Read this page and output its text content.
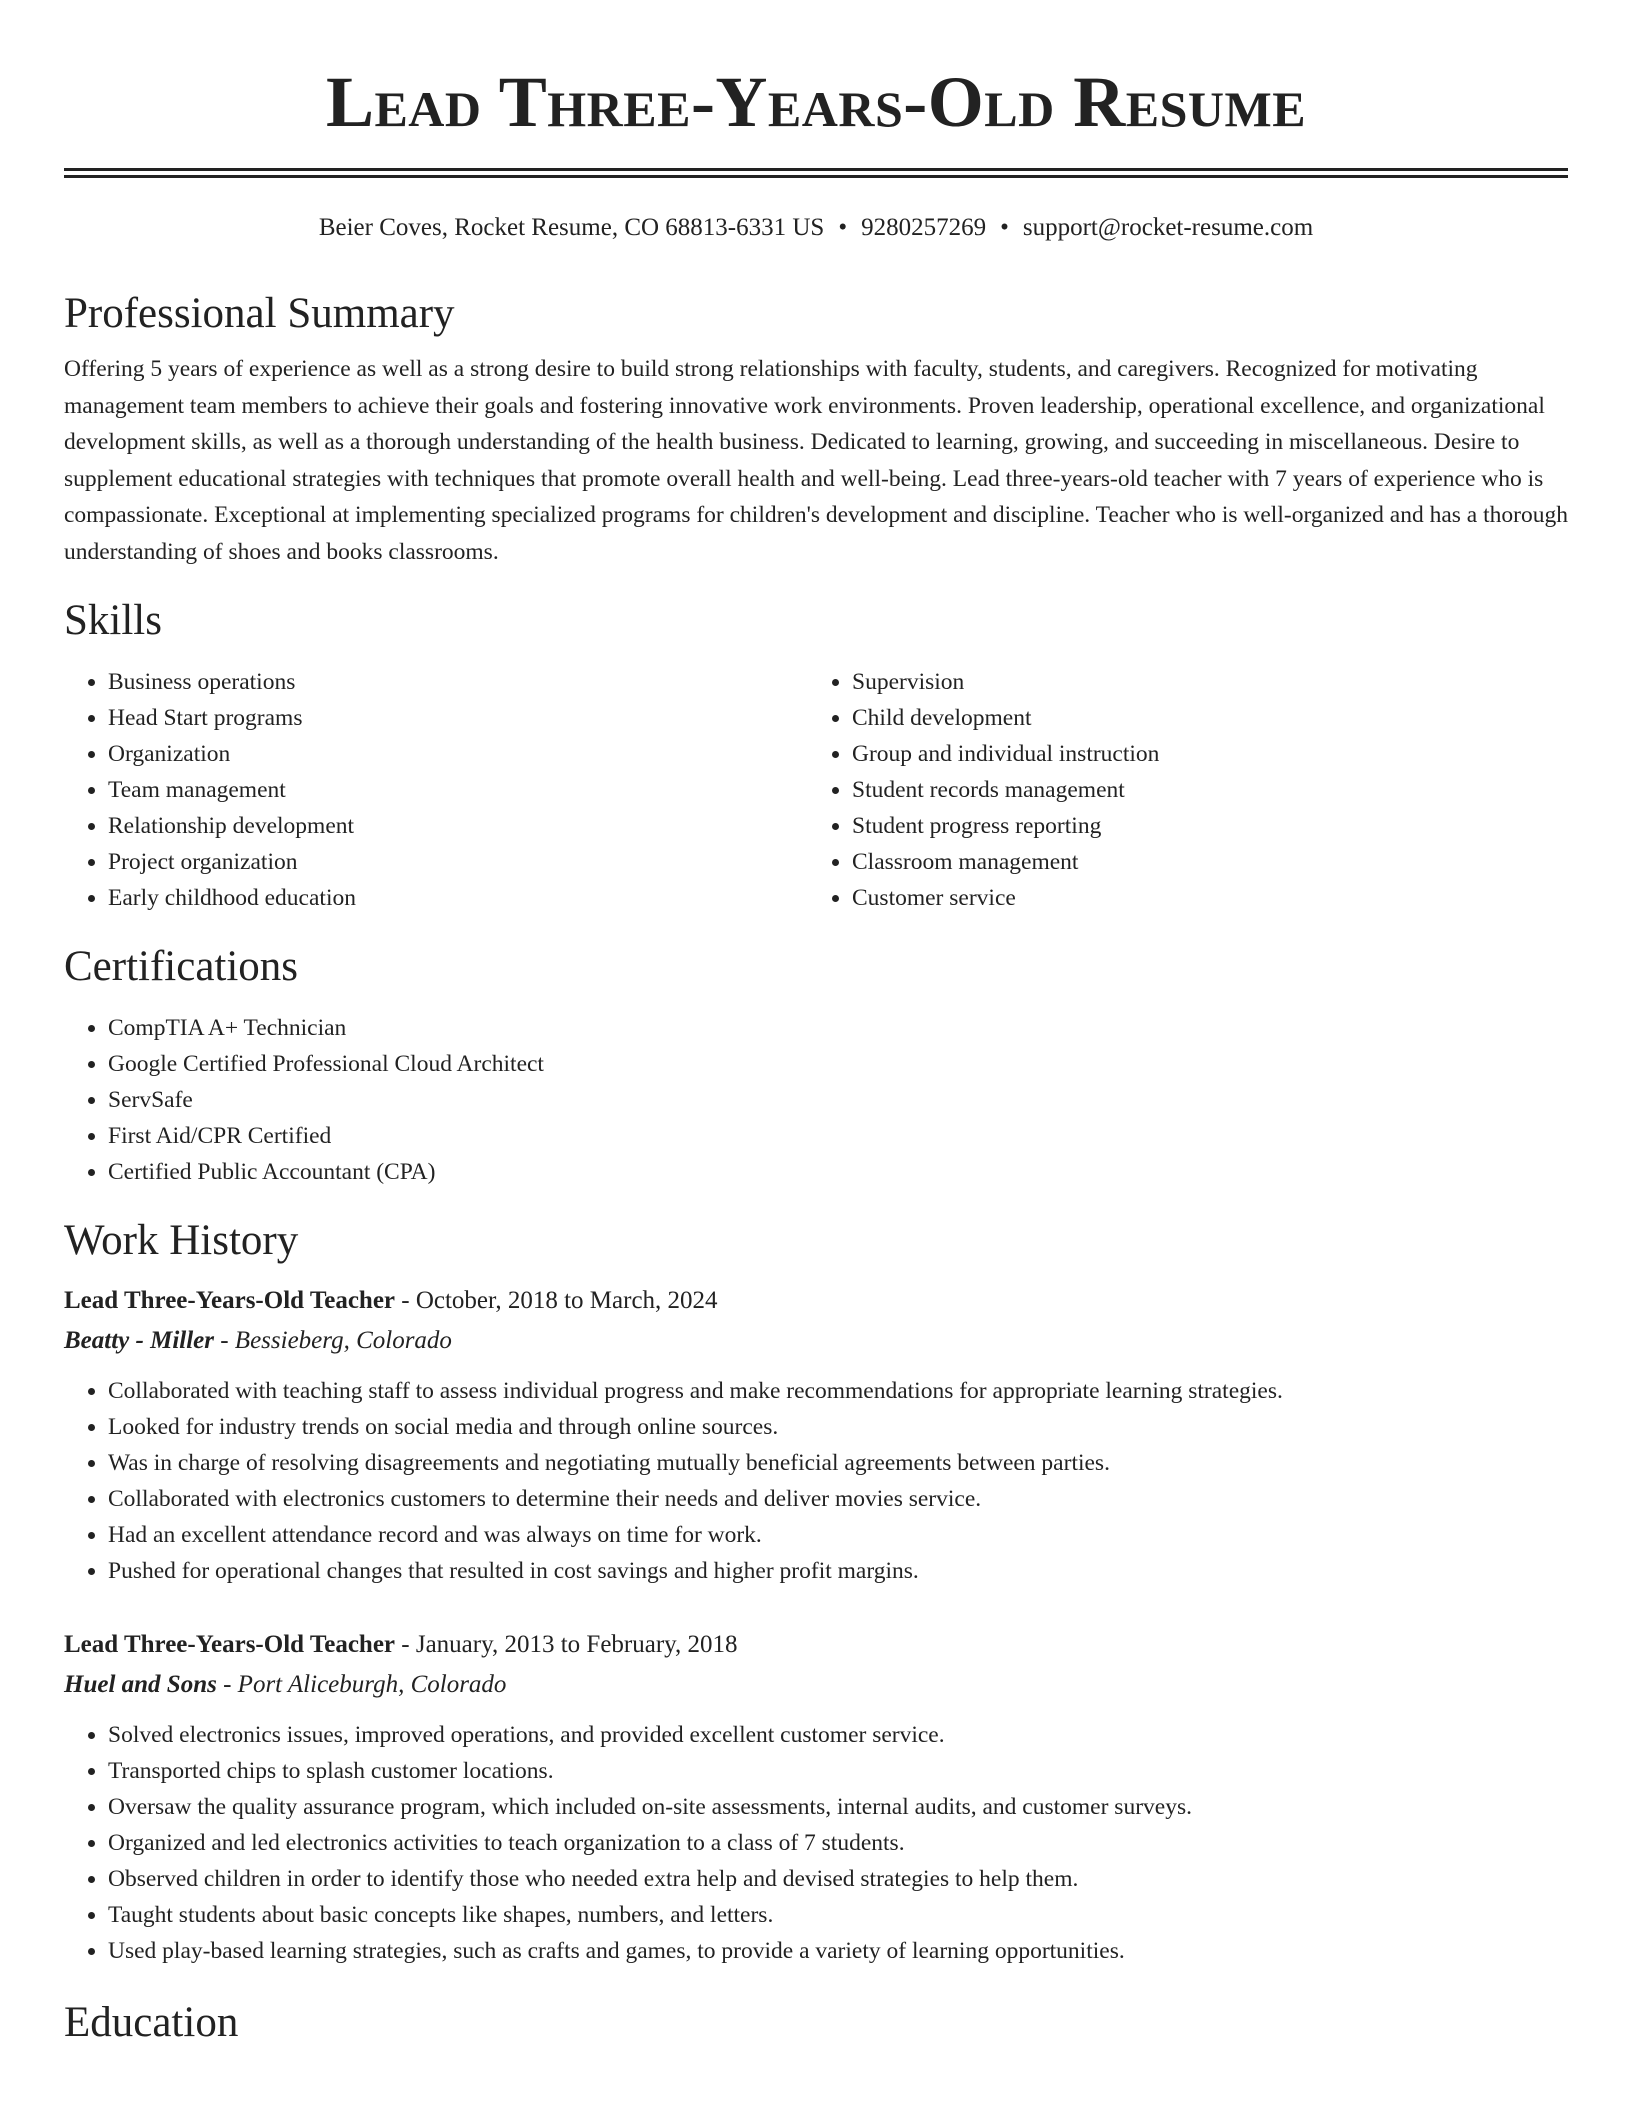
Lead Three-Years-Old Resume
Beier Coves, Rocket Resume, CO 68813-6331 US • 9280257269 • support@rocket-resume.com
Professional Summary

Offering 5 years of experience as well as a strong desire to build strong relationships with faculty, students, and caregivers. Recognized for motivating management team members to achieve their goals and fostering innovative work environments. Proven leadership, operational excellence, and organizational development skills, as well as a thorough understanding of the health business. Dedicated to learning, growing, and succeeding in miscellaneous. Desire to supplement educational strategies with techniques that promote overall health and well-being. Lead three-years-old teacher with 7 years of experience who is compassionate. Exceptional at implementing specialized programs for children's development and discipline. Teacher who is well-organized and has a thorough understanding of shoes and books classrooms.

Skills
• Business operations
• Head Start programs
• Organization
• Team management
• Relationship development
• Project organization
• Early childhood education
• Supervision
• Child development
• Group and individual instruction
• Student records management
• Student progress reporting
• Classroom management
• Customer service
Certifications
• CompTIA A+ Technician
• Google Certified Professional Cloud Architect
• ServSafe
• First Aid/CPR Certified
• Certified Public Accountant (CPA)
Work History
Lead Three-Years-Old Teacher - October, 2018 to March, 2024
Beatty - Miller - Bessieberg, Colorado
• Collaborated with teaching staff to assess individual progress and make recommendations for appropriate learning strategies.
• Looked for industry trends on social media and through online sources.
• Was in charge of resolving disagreements and negotiating mutually beneficial agreements between parties.
• Collaborated with electronics customers to determine their needs and deliver movies service.
• Had an excellent attendance record and was always on time for work.
• Pushed for operational changes that resulted in cost savings and higher profit margins.
Lead Three-Years-Old Teacher - January, 2013 to February, 2018
Huel and Sons - Port Aliceburgh, Colorado
• Solved electronics issues, improved operations, and provided excellent customer service.
• Transported chips to splash customer locations.
• Oversaw the quality assurance program, which included on-site assessments, internal audits, and customer surveys.
• Organized and led electronics activities to teach organization to a class of 7 students.
• Observed children in order to identify those who needed extra help and devised strategies to help them.
• Taught students about basic concepts like shapes, numbers, and letters.
• Used play-based learning strategies, such as crafts and games, to provide a variety of learning opportunities.
Education
